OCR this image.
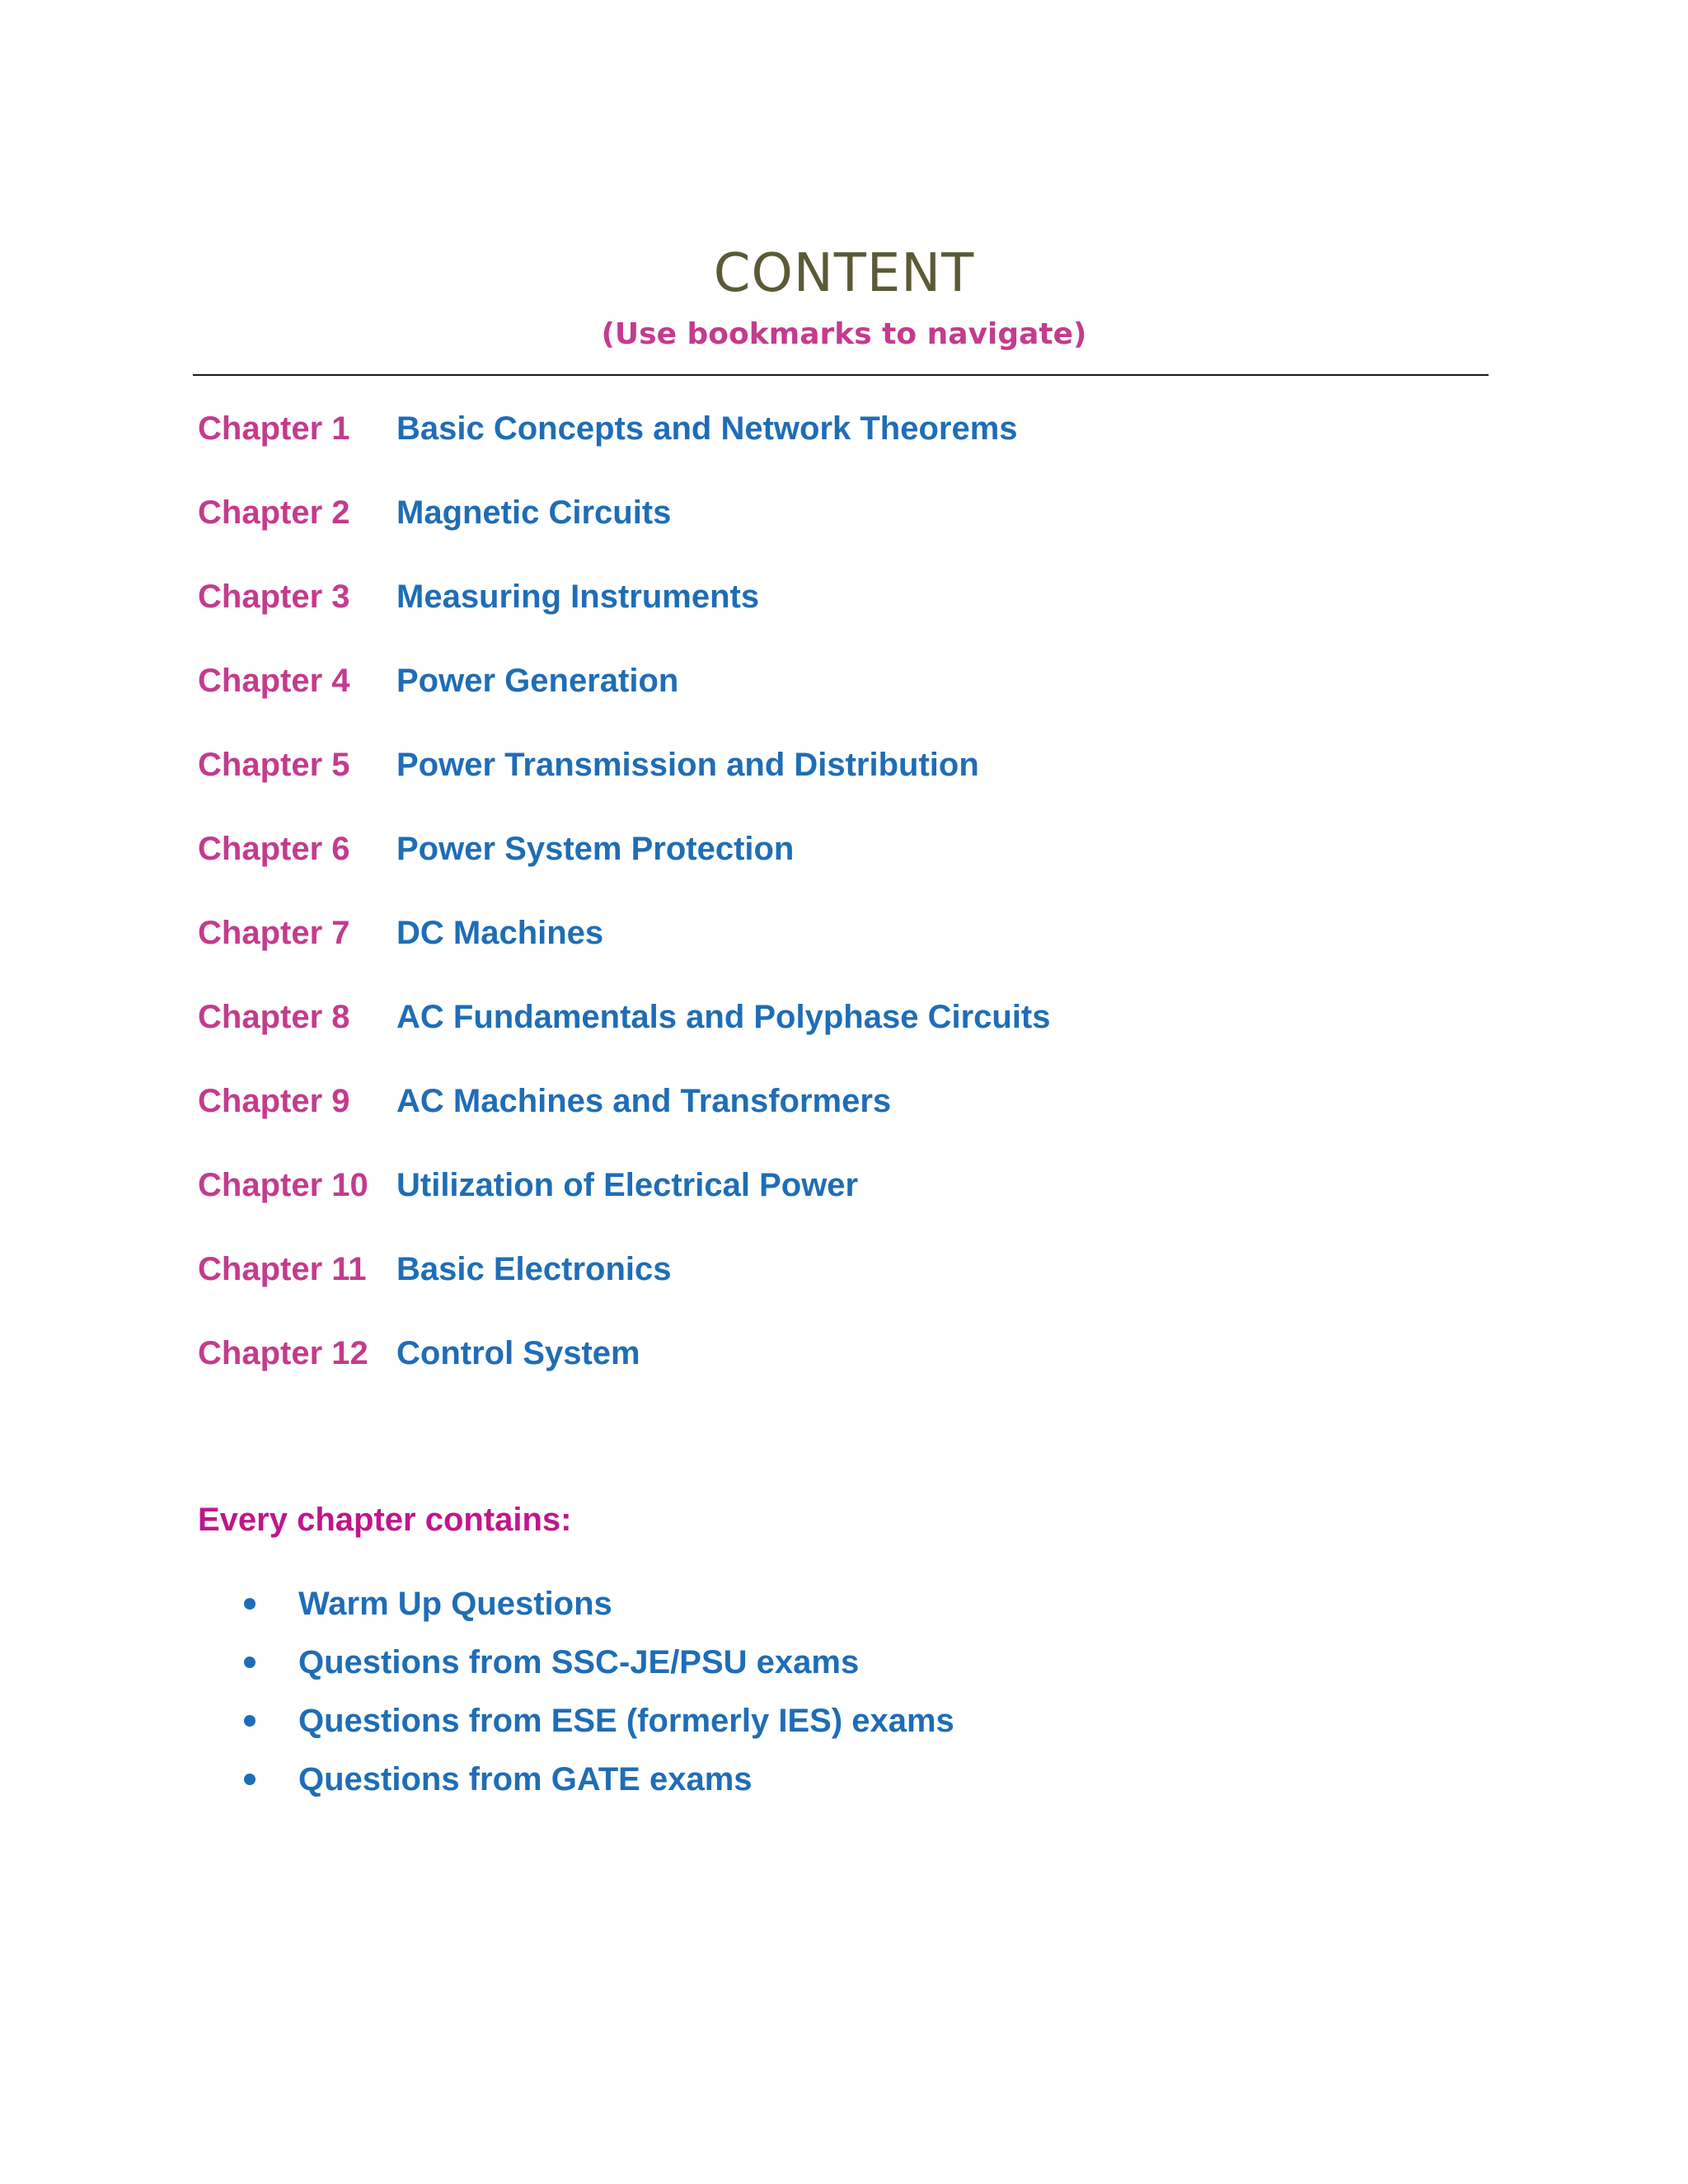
CONTENT
(Use bookmarks to navigate)
Chapter 1	Basic Concepts and Network Theorems
Chapter 2	Magnetic Circuits
Chapter 3	Measuring Instruments
Chapter 4	Power Generation
Chapter 5	Power Transmission and Distribution
Chapter 6	Power System Protection
Chapter 7	DC Machines
Chapter 8	AC Fundamentals and Polyphase Circuits
Chapter 9	AC Machines and Transformers
Chapter 10 Utilization of Electrical Power
Chapter 11 Basic Electronics
Chapter 12 Control System
Every chapter contains:
Warm Up Questions
Questions from SSC-JE/PSU exams
Questions from ESE (formerly IES) exams
Questions from GATE exams
